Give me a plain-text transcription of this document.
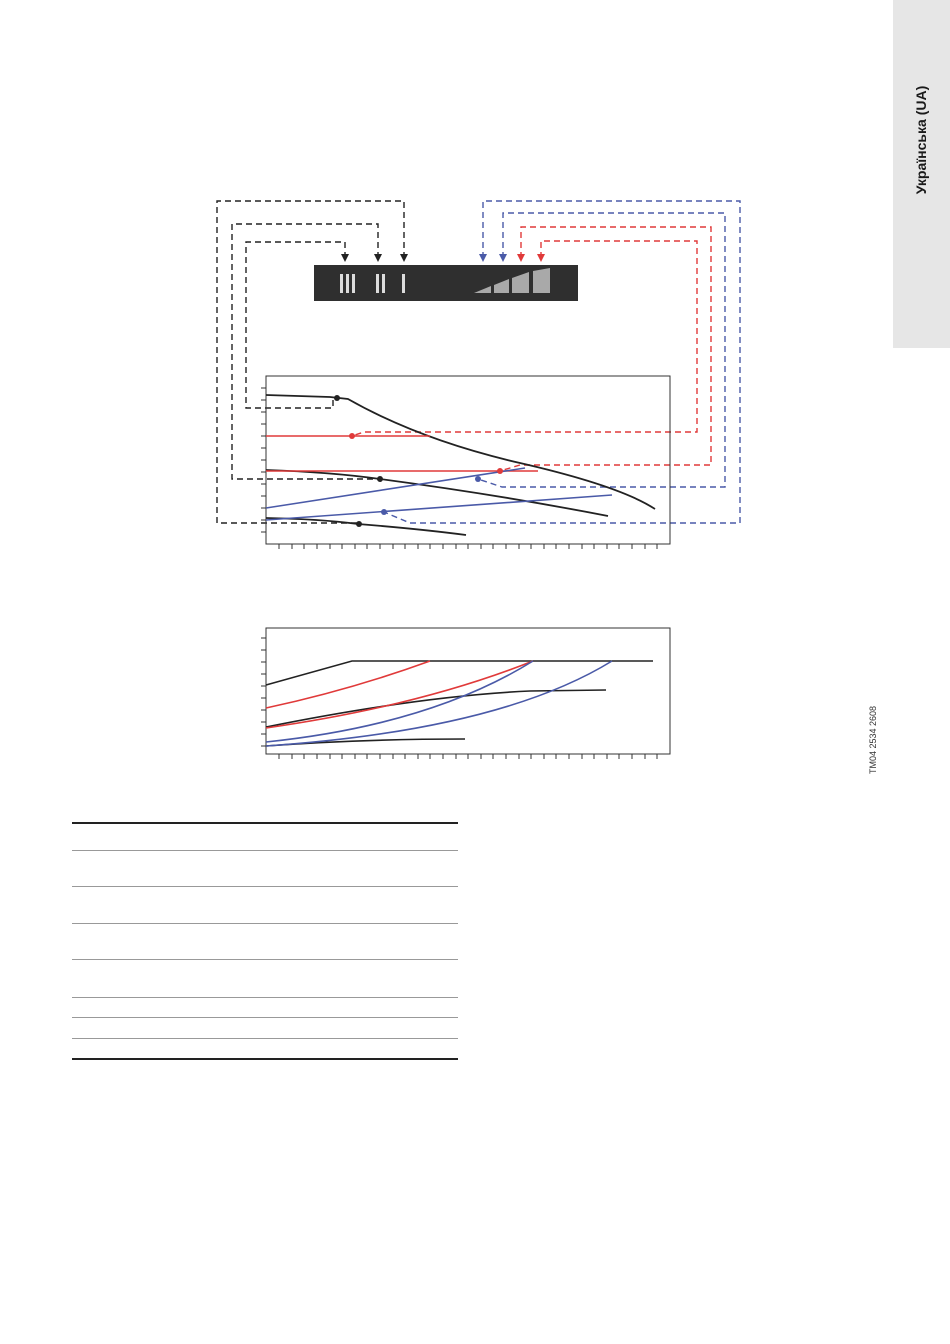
Українська (UA)
TM04 2534 2608
